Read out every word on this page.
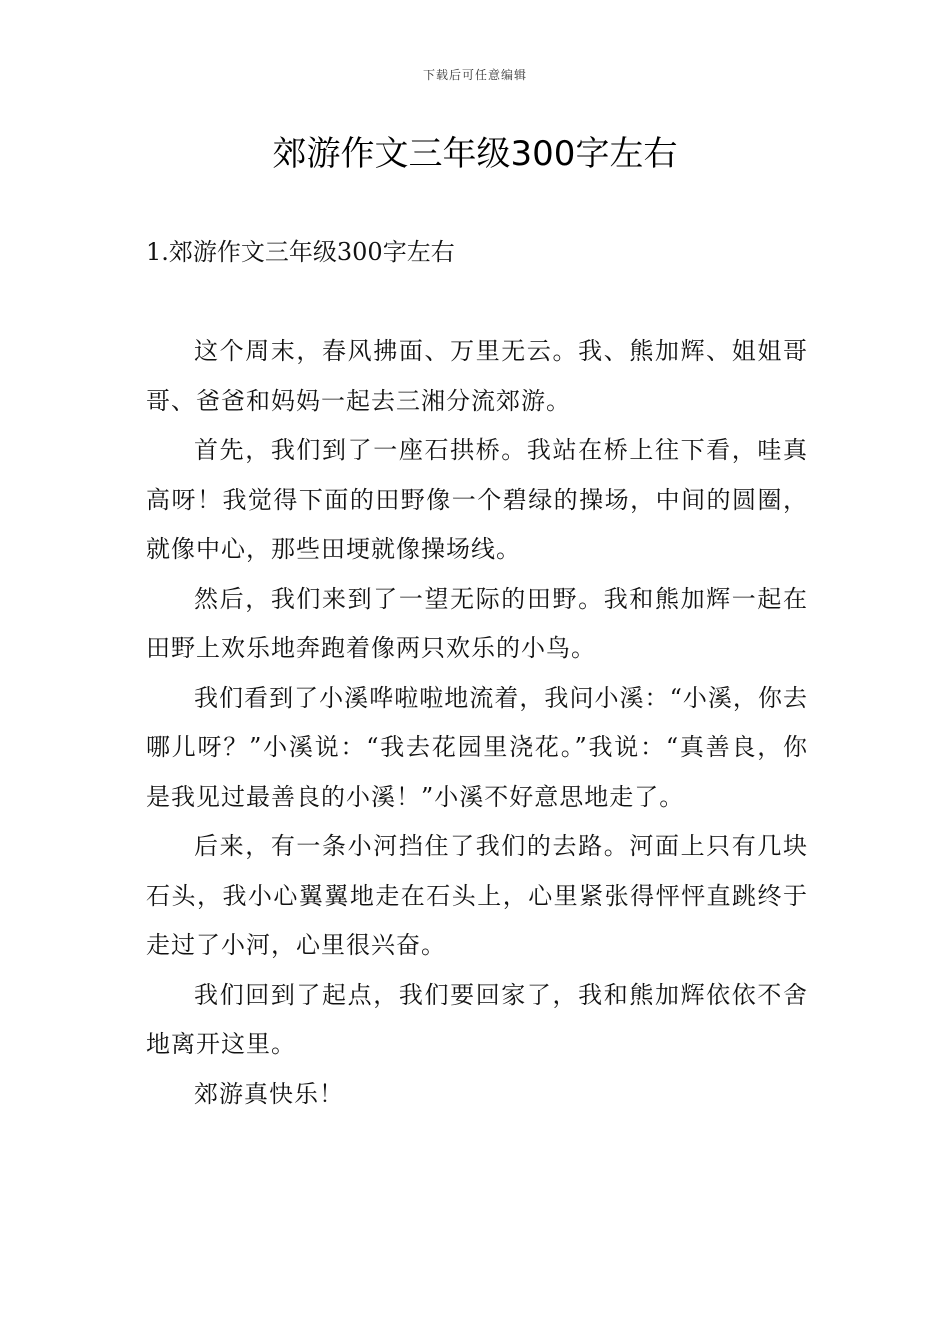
下载后可任意编辑
郊游作文三年级300字左右
1.郊游作文三年级300字左右

这个周末，春风拂面、万里无云。我、熊加辉、姐姐哥哥、爸爸和妈妈一起去三湘分流郊游。

首先，我们到了一座石拱桥。我站在桥上往下看，哇真高呀！我觉得下面的田野像一个碧绿的操场，中间的圆圈，就像中心，那些田埂就像操场线。

然后，我们来到了一望无际的田野。我和熊加辉一起在田野上欢乐地奔跑着像两只欢乐的小鸟。

我们看到了小溪哗啦啦地流着，我问小溪：“小溪，你去哪儿呀？”小溪说：“我去花园里浇花。”我说：“真善良，你是我见过最善良的小溪！”小溪不好意思地走了。

后来，有一条小河挡住了我们的去路。河面上只有几块石头，我小心翼翼地走在石头上，心里紧张得怦怦直跳终于走过了小河，心里很兴奋。

我们回到了起点，我们要回家了，我和熊加辉依依不舍地离开这里。

郊游真快乐！
